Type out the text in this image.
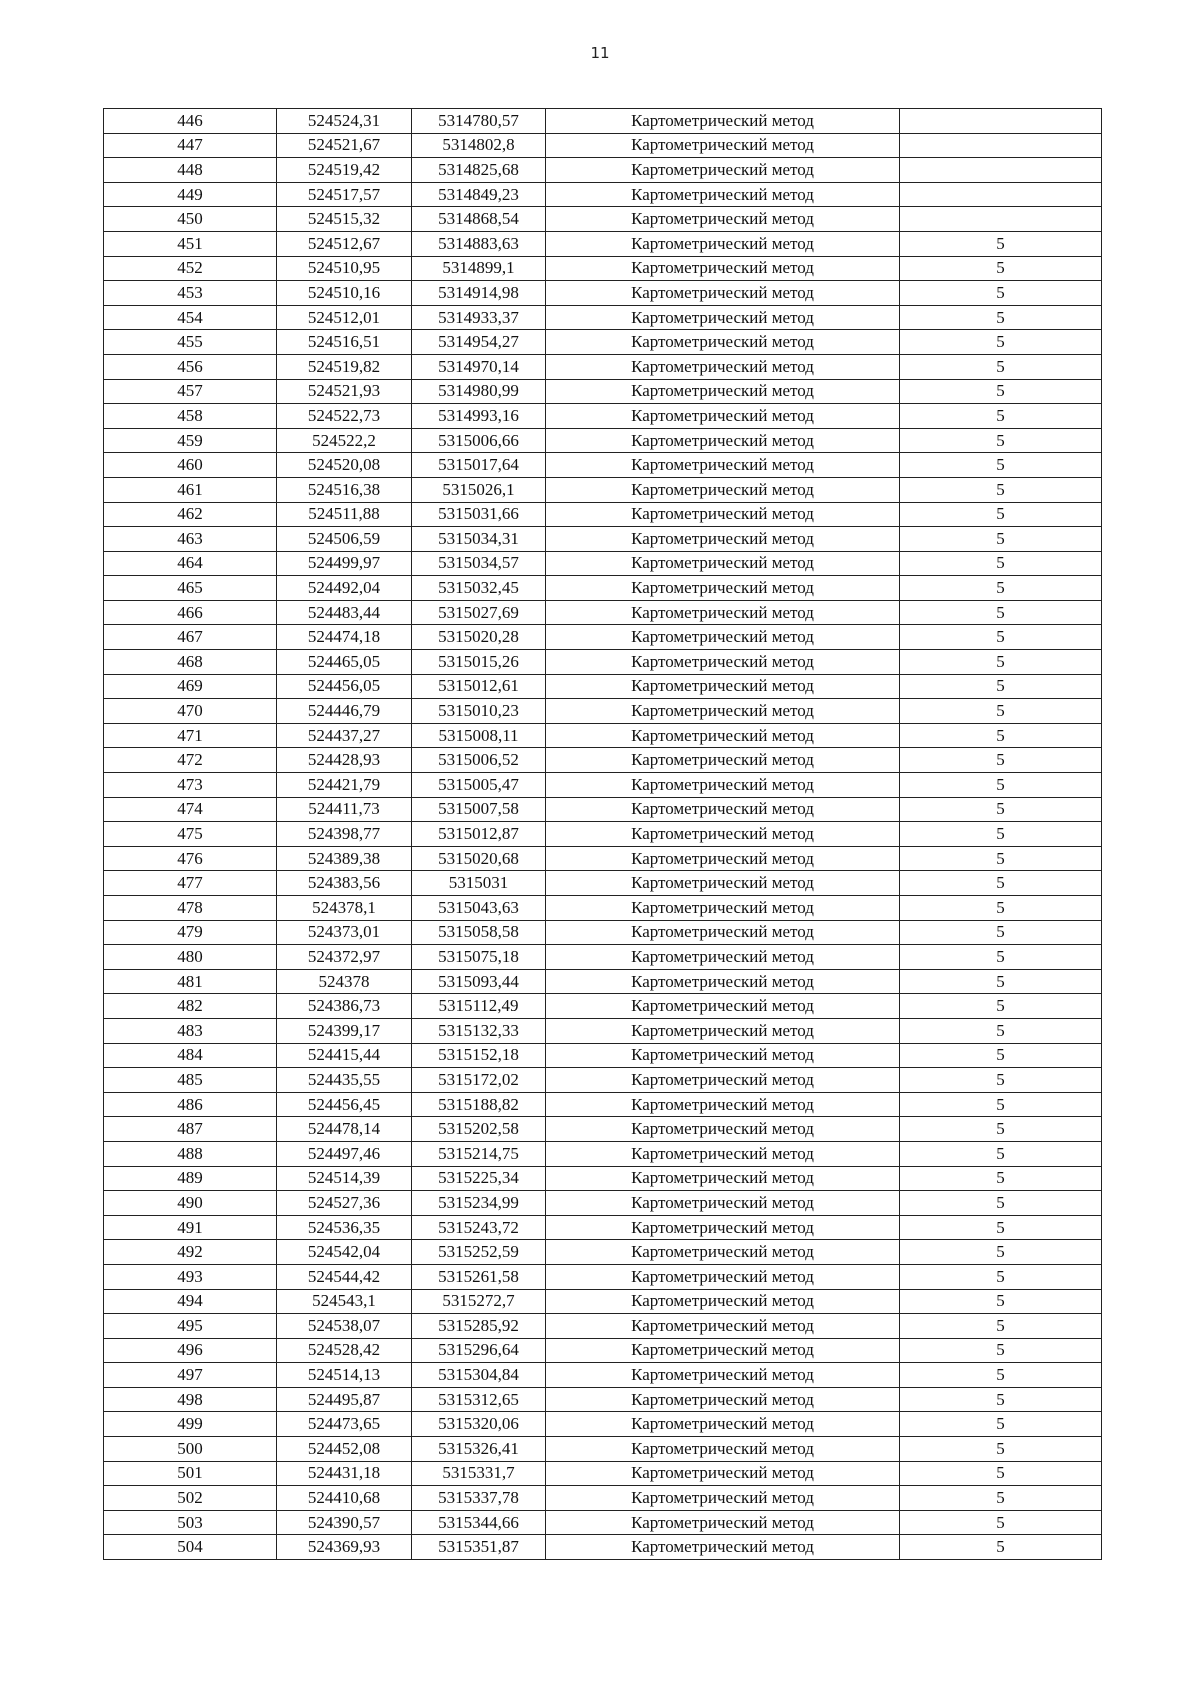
11
446	524524,31	5314780,57	Картометрический метод	
447	524521,67	5314802,8	Картометрический метод	
448	524519,42	5314825,68	Картометрический метод	
449	524517,57	5314849,23	Картометрический метод	
450	524515,32	5314868,54	Картометрический метод	
451	524512,67	5314883,63	Картометрический метод	5
452	524510,95	5314899,1	Картометрический метод	5
453	524510,16	5314914,98	Картометрический метод	5
454	524512,01	5314933,37	Картометрический метод	5
455	524516,51	5314954,27	Картометрический метод	5
456	524519,82	5314970,14	Картометрический метод	5
457	524521,93	5314980,99	Картометрический метод	5
458	524522,73	5314993,16	Картометрический метод	5
459	524522,2	5315006,66	Картометрический метод	5
460	524520,08	5315017,64	Картометрический метод	5
461	524516,38	5315026,1	Картометрический метод	5
462	524511,88	5315031,66	Картометрический метод	5
463	524506,59	5315034,31	Картометрический метод	5
464	524499,97	5315034,57	Картометрический метод	5
465	524492,04	5315032,45	Картометрический метод	5
466	524483,44	5315027,69	Картометрический метод	5
467	524474,18	5315020,28	Картометрический метод	5
468	524465,05	5315015,26	Картометрический метод	5
469	524456,05	5315012,61	Картометрический метод	5
470	524446,79	5315010,23	Картометрический метод	5
471	524437,27	5315008,11	Картометрический метод	5
472	524428,93	5315006,52	Картометрический метод	5
473	524421,79	5315005,47	Картометрический метод	5
474	524411,73	5315007,58	Картометрический метод	5
475	524398,77	5315012,87	Картометрический метод	5
476	524389,38	5315020,68	Картометрический метод	5
477	524383,56	5315031	Картометрический метод	5
478	524378,1	5315043,63	Картометрический метод	5
479	524373,01	5315058,58	Картометрический метод	5
480	524372,97	5315075,18	Картометрический метод	5
481	524378	5315093,44	Картометрический метод	5
482	524386,73	5315112,49	Картометрический метод	5
483	524399,17	5315132,33	Картометрический метод	5
484	524415,44	5315152,18	Картометрический метод	5
485	524435,55	5315172,02	Картометрический метод	5
486	524456,45	5315188,82	Картометрический метод	5
487	524478,14	5315202,58	Картометрический метод	5
488	524497,46	5315214,75	Картометрический метод	5
489	524514,39	5315225,34	Картометрический метод	5
490	524527,36	5315234,99	Картометрический метод	5
491	524536,35	5315243,72	Картометрический метод	5
492	524542,04	5315252,59	Картометрический метод	5
493	524544,42	5315261,58	Картометрический метод	5
494	524543,1	5315272,7	Картометрический метод	5
495	524538,07	5315285,92	Картометрический метод	5
496	524528,42	5315296,64	Картометрический метод	5
497	524514,13	5315304,84	Картометрический метод	5
498	524495,87	5315312,65	Картометрический метод	5
499	524473,65	5315320,06	Картометрический метод	5
500	524452,08	5315326,41	Картометрический метод	5
501	524431,18	5315331,7	Картометрический метод	5
502	524410,68	5315337,78	Картометрический метод	5
503	524390,57	5315344,66	Картометрический метод	5
504	524369,93	5315351,87	Картометрический метод	5
